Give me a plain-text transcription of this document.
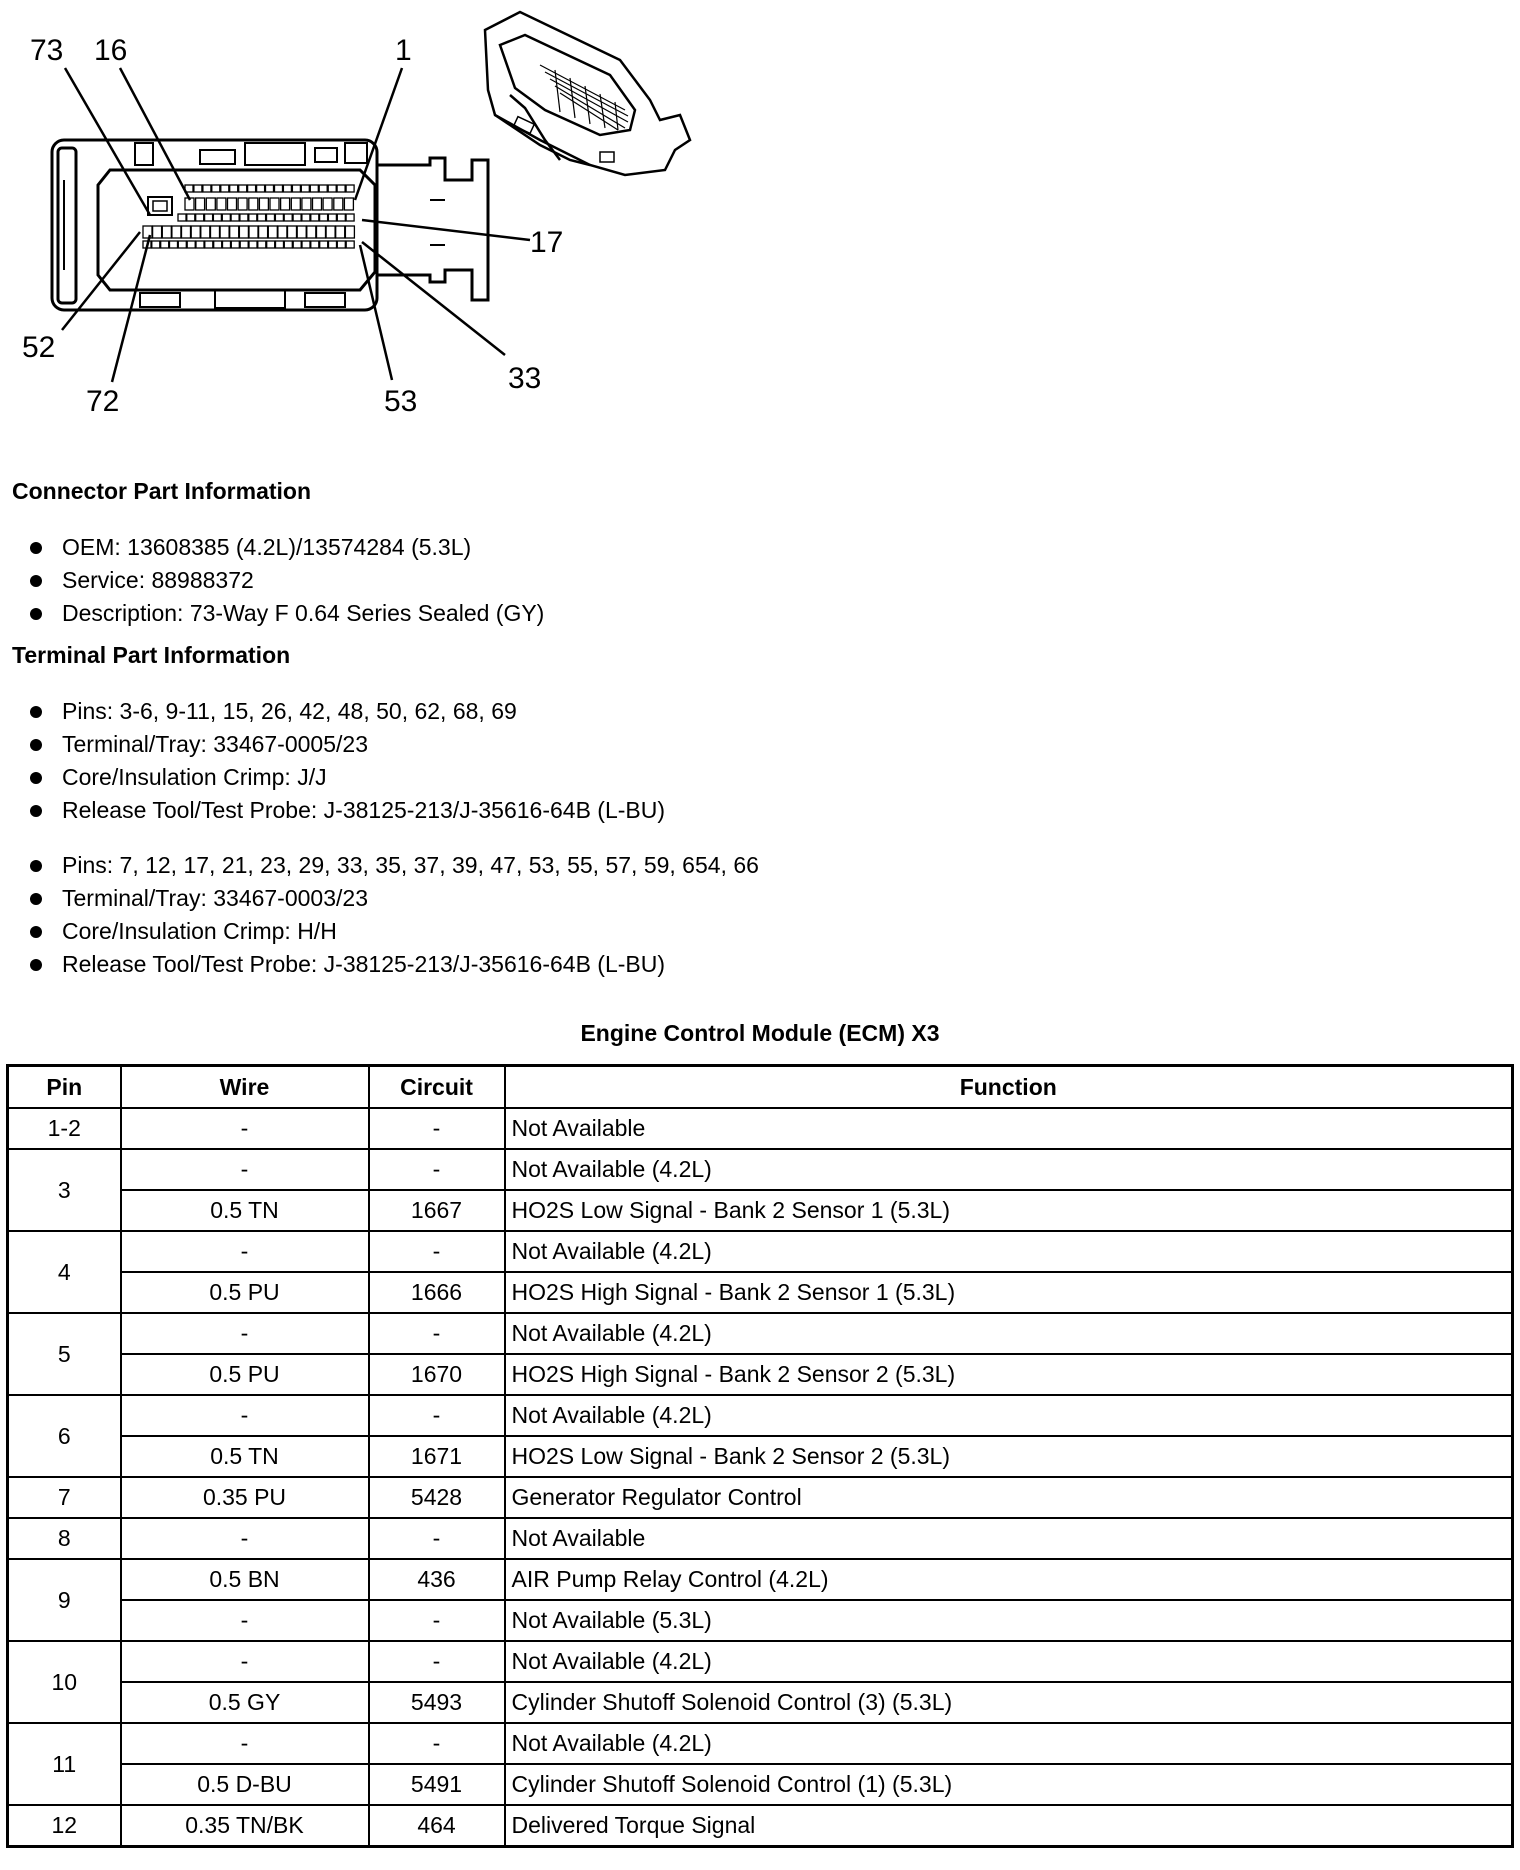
73 16	1
17
52
72	53
33
Connector Part Information
OEM: 13608385 (4.2L)/13574284 (5.3L)
Service: 88988372
Description: 73-Way F 0.64 Series Sealed (GY)
Terminal Part Information
Pins: 3-6, 9-11, 15, 26, 42, 48, 50, 62, 68, 69
Terminal/Tray: 33467-0005/23
Core/Insulation Crimp: J/J
Release Tool/Test Probe: J-38125-213/J-35616-64B (L-BU)
Pins: 7, 12, 17, 21, 23, 29, 33, 35, 37, 39, 47, 53, 55, 57, 59, 654, 66
Terminal/Tray: 33467-0003/23
Core/Insulation Crimp: H/H
Release Tool/Test Probe: J-38125-213/J-35616-64B (L-BU)
Engine Control Module (ECM) X3
Pin	Wire	Circuit	Function
1-2	-	-	Not Available
3	-	-	Not Available (4.2L)
	0.5 TN	1667	HO2S Low Signal - Bank 2 Sensor 1 (5.3L)
4	-	-	Not Available (4.2L)
	0.5 PU	1666	HO2S High Signal - Bank 2 Sensor 1 (5.3L)
5	-	-	Not Available (4.2L)
	0.5 PU	1670	HO2S High Signal - Bank 2 Sensor 2 (5.3L)
6	-	-	Not Available (4.2L)
	0.5 TN	1671	HO2S Low Signal - Bank 2 Sensor 2 (5.3L)
7	0.35 PU	5428	Generator Regulator Control
8	-	-	Not Available
9	0.5 BN	436	AIR Pump Relay Control (4.2L)
	-	-	Not Available (5.3L)
10	-	-	Not Available (4.2L)
	0.5 GY	5493	Cylinder Shutoff Solenoid Control (3) (5.3L)
11	-	-	Not Available (4.2L)
	0.5 D-BU	5491	Cylinder Shutoff Solenoid Control (1) (5.3L)
12	0.35 TN/BK	464	Delivered Torque Signal
